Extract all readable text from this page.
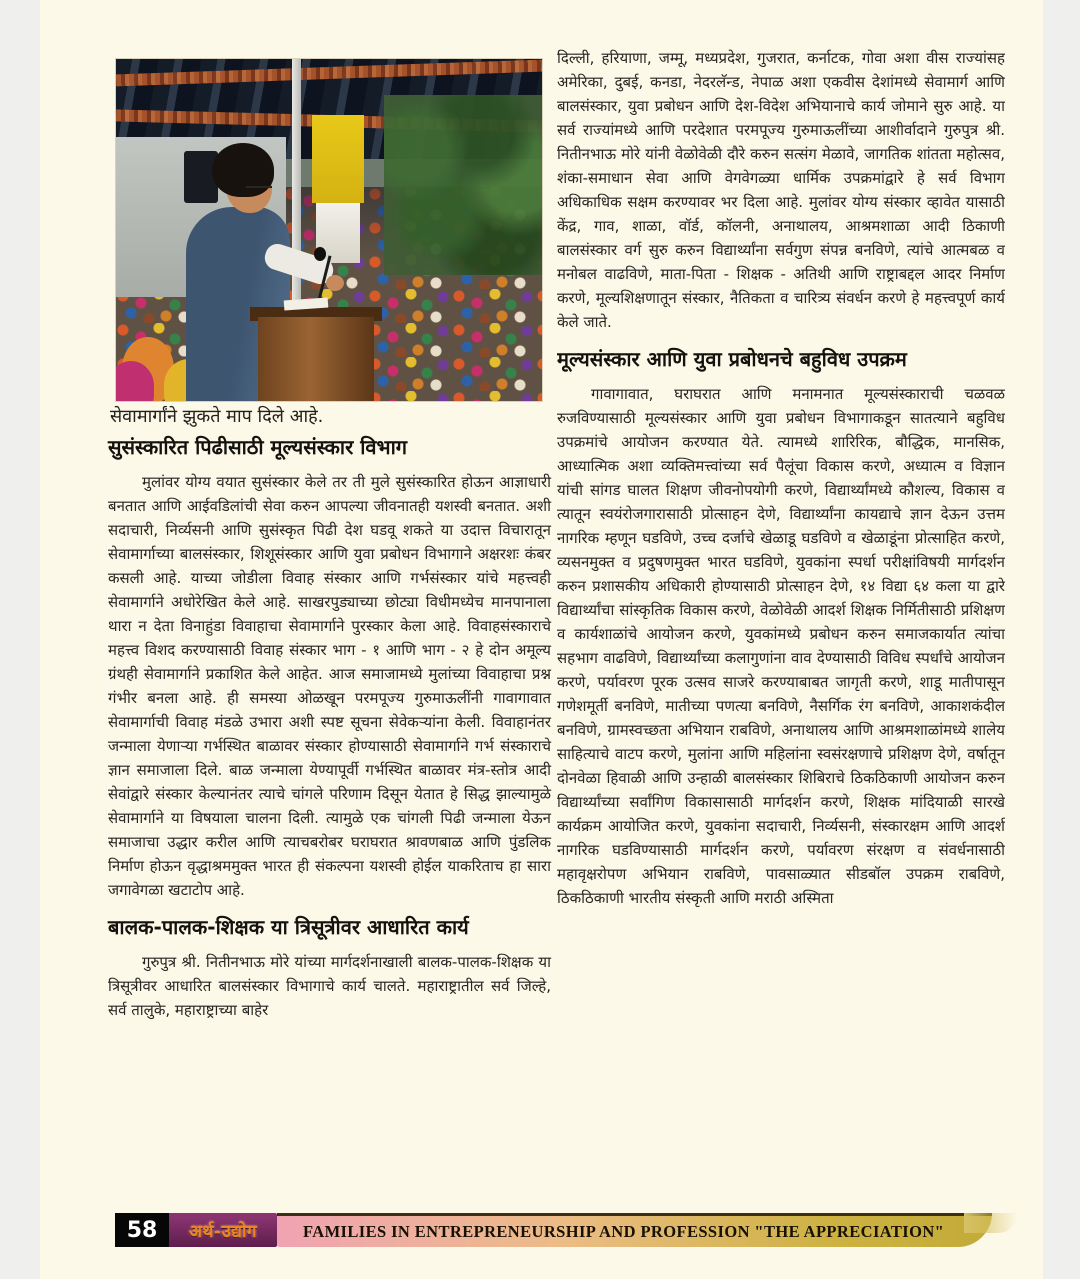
सेवामार्गांने झुकते माप दिले आहे.
सुसंस्कारित पिढीसाठी मूल्यसंस्कार विभाग

मुलांवर योग्य वयात सुसंस्कार केले तर ती मुले सुसंस्कारित होऊन आज्ञाधारी बनतात आणि आईवडिलांची सेवा करुन आपल्या जीवनातही यशस्वी बनतात. अशी सदाचारी, निर्व्यसनी आणि सुसंस्कृत पिढी देश घडवू शकते या उदात्त विचारातून सेवामार्गाच्या बालसंस्कार, शिशूसंस्कार आणि युवा प्रबोधन विभागाने अक्षरशः कंबर कसली आहे. याच्या जोडीला विवाह संस्कार आणि गर्भसंस्कार यांचे महत्त्वही सेवामार्गाने अधोरेखित केले आहे. साखरपुड्याच्या छोट्या विधीमध्येच मानपानाला थारा न देता विनाहुंडा विवाहाचा सेवामार्गाने पुरस्कार केला आहे. विवाहसंस्काराचे महत्त्व विशद करण्यासाठी विवाह संस्कार भाग - १ आणि भाग - २ हे दोन अमूल्य ग्रंथही सेवामार्गाने प्रकाशित केले आहेत. आज समाजामध्ये मुलांच्या विवाहाचा प्रश्न गंभीर बनला आहे. ही समस्या ओळखून परमपूज्य गुरुमाऊलींनी गावागावात सेवामार्गाची विवाह मंडळे उभारा अशी स्पष्ट सूचना सेवेकऱ्यांना केली. विवाहानंतर जन्माला येणाऱ्या गर्भस्थित बाळावर संस्कार होण्यासाठी सेवामार्गाने गर्भ संस्काराचे ज्ञान समाजाला दिले. बाळ जन्माला येण्यापूर्वी गर्भस्थित बाळावर मंत्र-स्तोत्र आदी सेवांद्वारे संस्कार केल्यानंतर त्याचे चांगले परिणाम दिसून येतात हे सिद्ध झाल्यामुळे सेवामार्गाने या विषयाला चालना दिली. त्यामुळे एक चांगली पिढी जन्माला येऊन समाजाचा उद्धार करील आणि त्याचबरोबर घराघरात श्रावणबाळ आणि पुंडलिक निर्माण होऊन वृद्धाश्रममुक्त भारत ही संकल्पना यशस्वी होईल याकरिताच हा सारा जगावेगळा खटाटोप आहे.

बालक-पालक-शिक्षक या त्रिसूत्रीवर आधारित कार्य

गुरुपुत्र श्री. नितीनभाऊ मोरे यांच्या मार्गदर्शनाखाली बालक-पालक-शिक्षक या त्रिसूत्रीवर आधारित बालसंस्कार विभागाचे कार्य चालते. महाराष्ट्रातील सर्व जिल्हे, सर्व तालुके, महाराष्ट्राच्या बाहेर

दिल्ली, हरियाणा, जम्मू, मध्यप्रदेश, गुजरात, कर्नाटक, गोवा अशा वीस राज्यांसह अमेरिका, दुबई, कनडा, नेदरलॅन्ड, नेपाळ अशा एकवीस देशांमध्ये सेवामार्ग आणि बालसंस्कार, युवा प्रबोधन आणि देश-विदेश अभियानाचे कार्य जोमाने सुरु आहे. या सर्व राज्यांमध्ये आणि परदेशात परमपूज्य गुरुमाऊलींच्या आशीर्वादाने गुरुपुत्र श्री. नितीनभाऊ मोरे यांनी वेळोवेळी दौरे करुन सत्संग मेळावे, जागतिक शांतता महोत्सव, शंका-समाधान सेवा आणि वेगवेगळ्या धार्मिक उपक्रमांद्वारे हे सर्व विभाग अधिकाधिक सक्षम करण्यावर भर दिला आहे. मुलांवर योग्य संस्कार व्हावेत यासाठी केंद्र, गाव, शाळा, वॉर्ड, कॉलनी, अनाथालय, आश्रमशाळा आदी ठिकाणी बालसंस्कार वर्ग सुरु करुन विद्यार्थ्यांना सर्वगुण संपन्न बनविणे, त्यांचे आत्मबळ व मनोबल वाढविणे, माता-पिता - शिक्षक - अतिथी आणि राष्ट्राबद्दल आदर निर्माण करणे, मूल्यशिक्षणातून संस्कार, नैतिकता व चारित्र्य संवर्धन करणे हे महत्त्वपूर्ण कार्य केले जाते.

मूल्यसंस्कार आणि युवा प्रबोधनचे बहुविध उपक्रम

गावागावात, घराघरात आणि मनामनात मूल्यसंस्काराची चळवळ रुजविण्यासाठी मूल्यसंस्कार आणि युवा प्रबोधन विभागाकडून सातत्याने बहुविध उपक्रमांचे आयोजन करण्यात येते. त्यामध्ये शारिरिक, बौद्धिक, मानसिक, आध्यात्मिक अशा व्यक्तिमत्त्वांच्या सर्व पैलूंचा विकास करणे, अध्यात्म व विज्ञान यांची सांगड घालत शिक्षण जीवनोपयोगी करणे, विद्यार्थ्यांमध्ये कौशल्य, विकास व त्यातून स्वयंरोजगारासाठी प्रोत्साहन देणे, विद्यार्थ्यांना कायद्याचे ज्ञान देऊन उत्तम नागरिक म्हणून घडविणे, उच्च दर्जाचे खेळाडू घडविणे व खेळाडूंना प्रोत्साहित करणे, व्यसनमुक्त व प्रदुषणमुक्त भारत घडविणे, युवकांना स्पर्धा परीक्षांविषयी मार्गदर्शन करुन प्रशासकीय अधिकारी होण्यासाठी प्रोत्साहन देणे, १४ विद्या ६४ कला या द्वारे विद्यार्थ्यांचा सांस्कृतिक विकास करणे, वेळोवेळी आदर्श शिक्षक निर्मितीसाठी प्रशिक्षण व कार्यशाळांचे आयोजन करणे, युवकांमध्ये प्रबोधन करुन समाजकार्यात त्यांचा सहभाग वाढविणे, विद्यार्थ्यांच्या कलागुणांना वाव देण्यासाठी विविध स्पर्धांचे आयोजन करणे, पर्यावरण पूरक उत्सव साजरे करण्याबाबत जागृती करणे, शाडू मातीपासून गणेशमूर्ती बनविणे, मातीच्या पणत्या बनविणे, नैसर्गिक रंग बनविणे, आकाशकंदील बनविणे, ग्रामस्वच्छता अभियान राबविणे, अनाथालय आणि आश्रमशाळांमध्ये शालेय साहित्याचे वाटप करणे, मुलांना आणि महिलांना स्वसंरक्षणाचे प्रशिक्षण देणे, वर्षातून दोनवेळा हिवाळी आणि उन्हाळी बालसंस्कार शिबिराचे ठिकठिकाणी आयोजन करुन विद्यार्थ्यांच्या सर्वांगिण विकासासाठी मार्गदर्शन करणे, शिक्षक मांदियाळी सारखे कार्यक्रम आयोजित करणे, युवकांना सदाचारी, निर्व्यसनी, संस्कारक्षम आणि आदर्श नागरिक घडविण्यासाठी मार्गदर्शन करणे, पर्यावरण संरक्षण व संवर्धनासाठी महावृक्षरोपण अभियान राबविणे, पावसाळ्यात सीडबॉल उपक्रम राबविणे, ठिकठिकाणी भारतीय संस्कृती आणि मराठी अस्मिता

58	अर्थ-उद्योग	FAMILIES IN ENTREPRENEURSHIP AND PROFESSION "THE APPRECIATION"
